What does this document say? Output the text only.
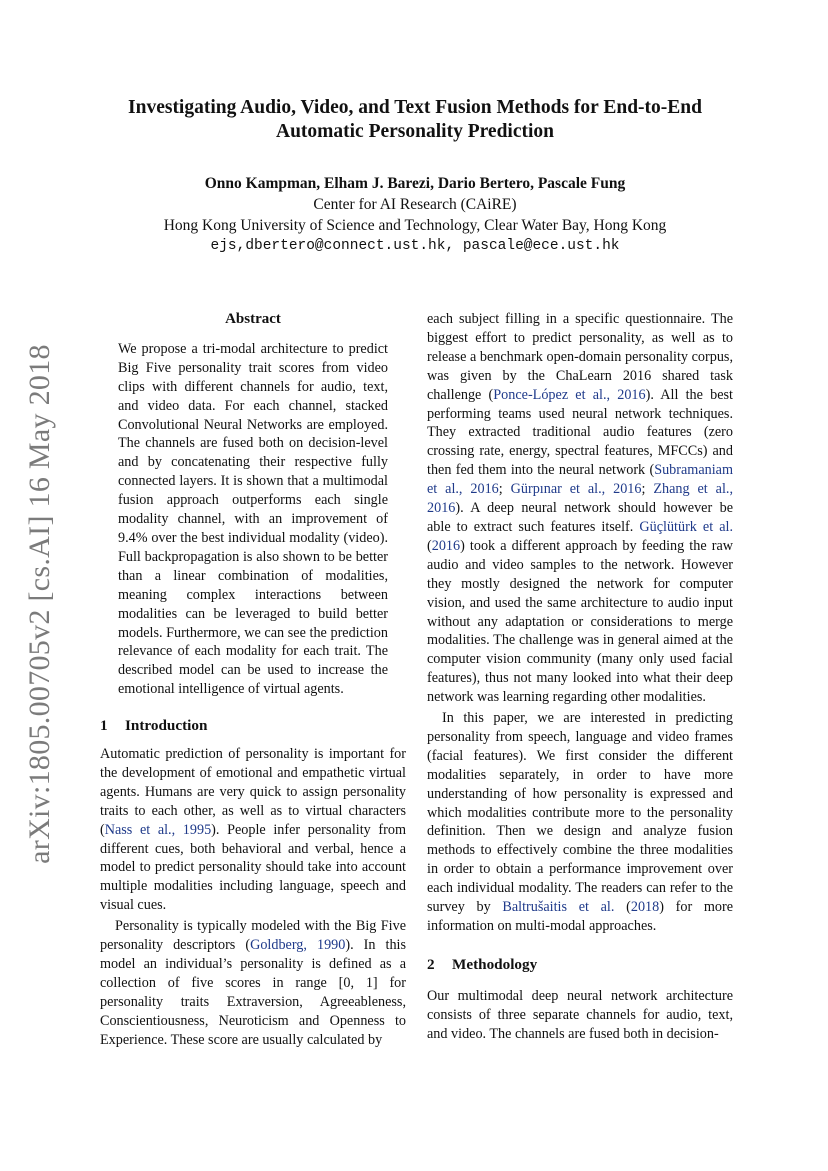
arXiv:1805.00705v2 [cs.AI] 16 May 2018
Investigating Audio, Video, and Text Fusion Methods for End-to-End
Automatic Personality Prediction
Onno Kampman, Elham J. Barezi, Dario Bertero, Pascale Fung
Center for AI Research (CAiRE)
Hong Kong University of Science and Technology, Clear Water Bay, Hong Kong
ejs,dbertero@connect.ust.hk, pascale@ece.ust.hk
Abstract

We propose a tri-modal architecture to predict Big Five personality trait scores from video clips with different channels for audio, text, and video data. For each channel, stacked Convolutional Neural Networks are employed. The channels are fused both on decision-level and by concatenating their respective fully connected layers. It is shown that a multimodal fusion approach outperforms each single modality channel, with an improvement of 9.4% over the best individual modality (video). Full backpropagation is also shown to be better than a linear combination of modalities, meaning complex interactions between modalities can be leveraged to build better models. Furthermore, we can see the prediction relevance of each modality for each trait. The described model can be used to increase the emotional intelligence of virtual agents.

1 Introduction

Automatic prediction of personality is important for the development of emotional and empathetic virtual agents. Humans are very quick to assign personality traits to each other, as well as to virtual characters (Nass et al., 1995). People infer personality from different cues, both behavioral and verbal, hence a model to predict personality should take into account multiple modalities including language, speech and visual cues.

Personality is typically modeled with the Big Five personality descriptors (Goldberg, 1990). In this model an individual’s personality is defined as a collection of five scores in range [0, 1] for personality traits Extraversion, Agreeableness, Conscientiousness, Neuroticism and Openness to Experience. These score are usually calculated by

each subject filling in a specific questionnaire. The biggest effort to predict personality, as well as to release a benchmark open-domain personality corpus, was given by the ChaLearn 2016 shared task challenge (Ponce-López et al., 2016). All the best performing teams used neural network techniques. They extracted traditional audio features (zero crossing rate, energy, spectral features, MFCCs) and then fed them into the neural network (Subramaniam et al., 2016; Gürpınar et al., 2016; Zhang et al., 2016). A deep neural network should however be able to extract such features itself. Güçlütürk et al. (2016) took a different approach by feeding the raw audio and video samples to the network. However they mostly designed the network for computer vision, and used the same architecture to audio input without any adaptation or considerations to merge modalities. The challenge was in general aimed at the computer vision community (many only used facial features), thus not many looked into what their deep network was learning regarding other modalities.

In this paper, we are interested in predicting personality from speech, language and video frames (facial features). We first consider the different modalities separately, in order to have more understanding of how personality is expressed and which modalities contribute more to the personality definition. Then we design and analyze fusion methods to effectively combine the three modalities in order to obtain a performance improvement over each individual modality. The readers can refer to the survey by Baltrušaitis et al. (2018) for more information on multi-modal approaches.

2 Methodology

Our multimodal deep neural network architecture consists of three separate channels for audio, text, and video. The channels are fused both in decision-
